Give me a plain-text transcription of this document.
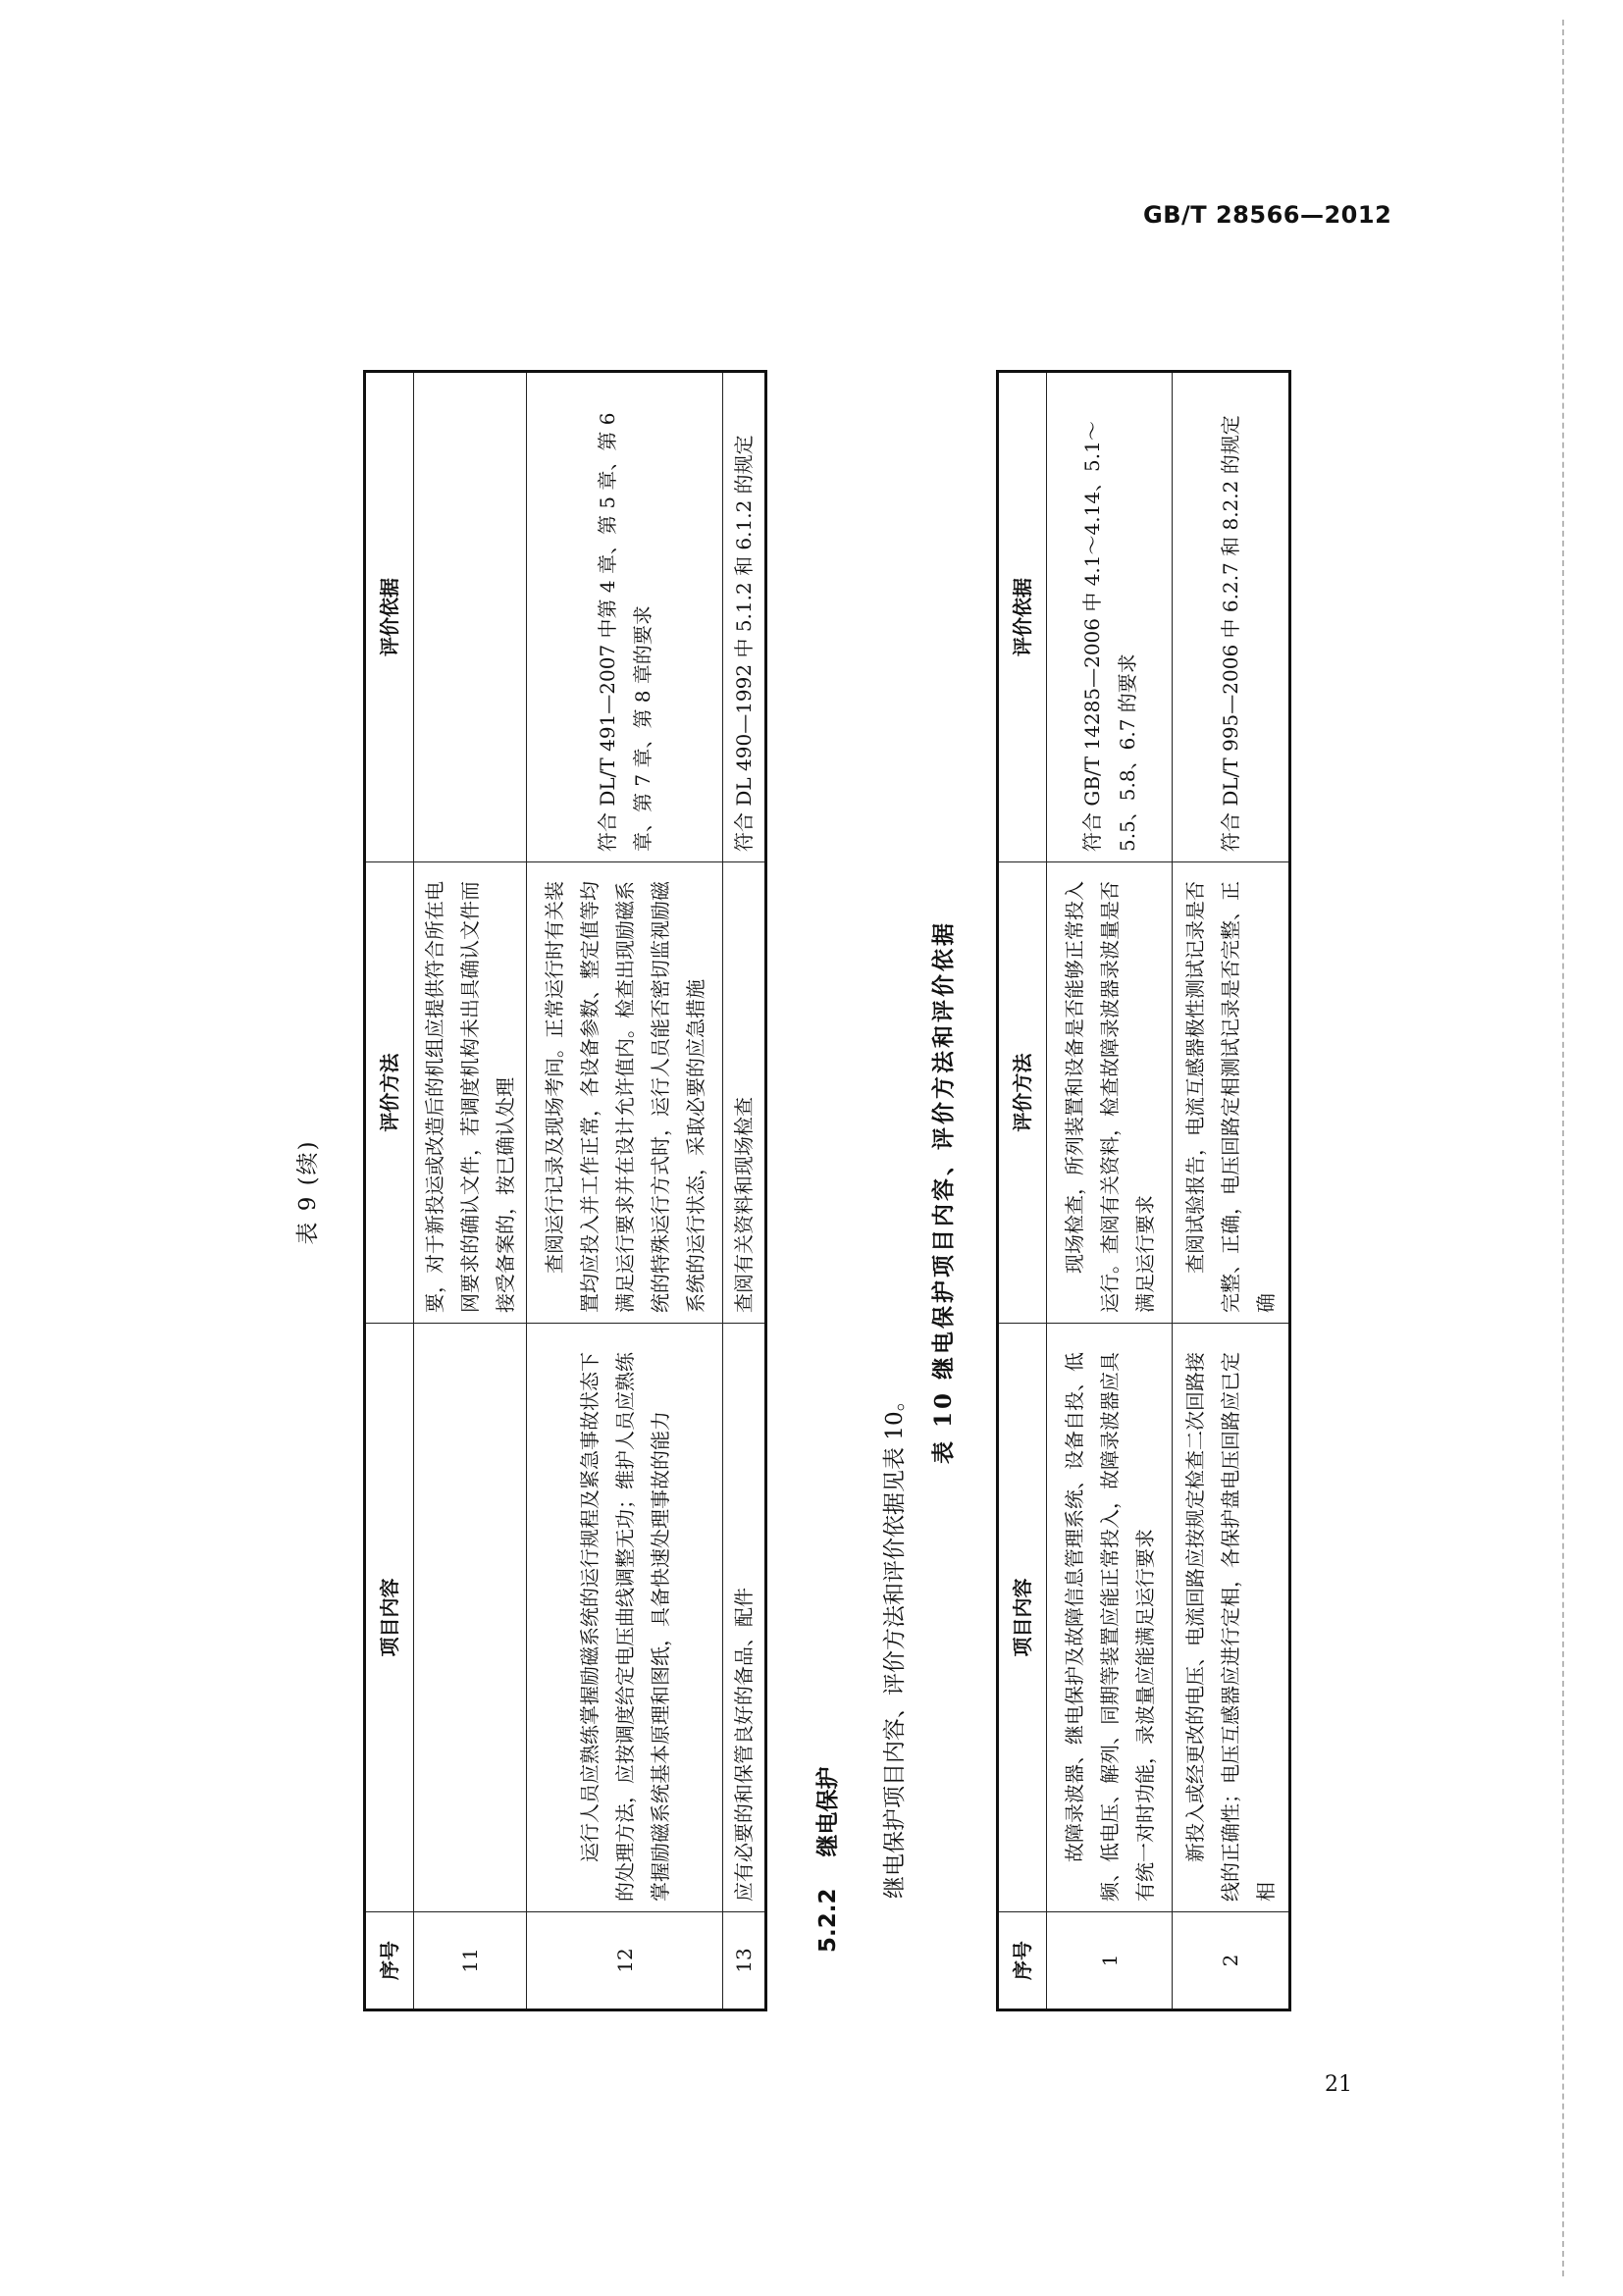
GB/T 28566—2012
表 9 (续)
序号	项目内容	评价方法	评价依据
11		要，对于新投运或改造后的机组应提供符合所在电网要求的确认文件，若调度机构未出具确认文件而接受备案的，按已确认处理	
12	运行人员应熟练掌握励磁系统的运行规程及紧急事故状态下的处理方法，应按调度给定电压曲线调整无功；维护人员应熟练掌握励磁系统基本原理和图纸，具备快速处理事故的能力	查阅运行记录及现场考问。正常运行时有关装置均应投入并工作正常，各设备参数、整定值等均满足运行要求并在设计允许值内。检查出现励磁系统的特殊运行方式时，运行人员能否密切监视励磁系统的运行状态，采取必要的应急措施	符合 DL/T 491—2007 中第 4 章、第 5 章、第 6 章、第 7 章、第 8 章的要求
13	应有必要的和保管良好的备品、配件	查阅有关资料和现场检查	符合 DL 490—1992 中 5.1.2 和 6.1.2 的规定
5.2.2    继电保护 继电保护项目内容、评价方法和评价依据见表 10。
表 10 继电保护项目内容、评价方法和评价依据
序号	项目内容	评价方法	评价依据
1	故障录波器、继电保护及故障信息管理系统、设备自投、低频、低电压、解列、同期等装置应能正常投入，故障录波器应具有统一对时功能，录波量应能满足运行要求	现场检查，所列装置和设备是否能够正常投入运行。查阅有关资料，检查故障录波器录波量是否满足运行要求	符合 GB/T 14285—2006 中 4.1～4.14、5.1～5.5、5.8、6.7 的要求
2	新投入或经更改的电压、电流回路应按规定检查二次回路接线的正确性；电压互感器应进行定相，各保护盘电压回路应已定相	查阅试验报告，电流互感器极性测试记录是否完整、正确，电压回路定相测试记录是否完整、正确	符合 DL/T 995—2006 中 6.2.7 和 8.2.2 的规定
21
